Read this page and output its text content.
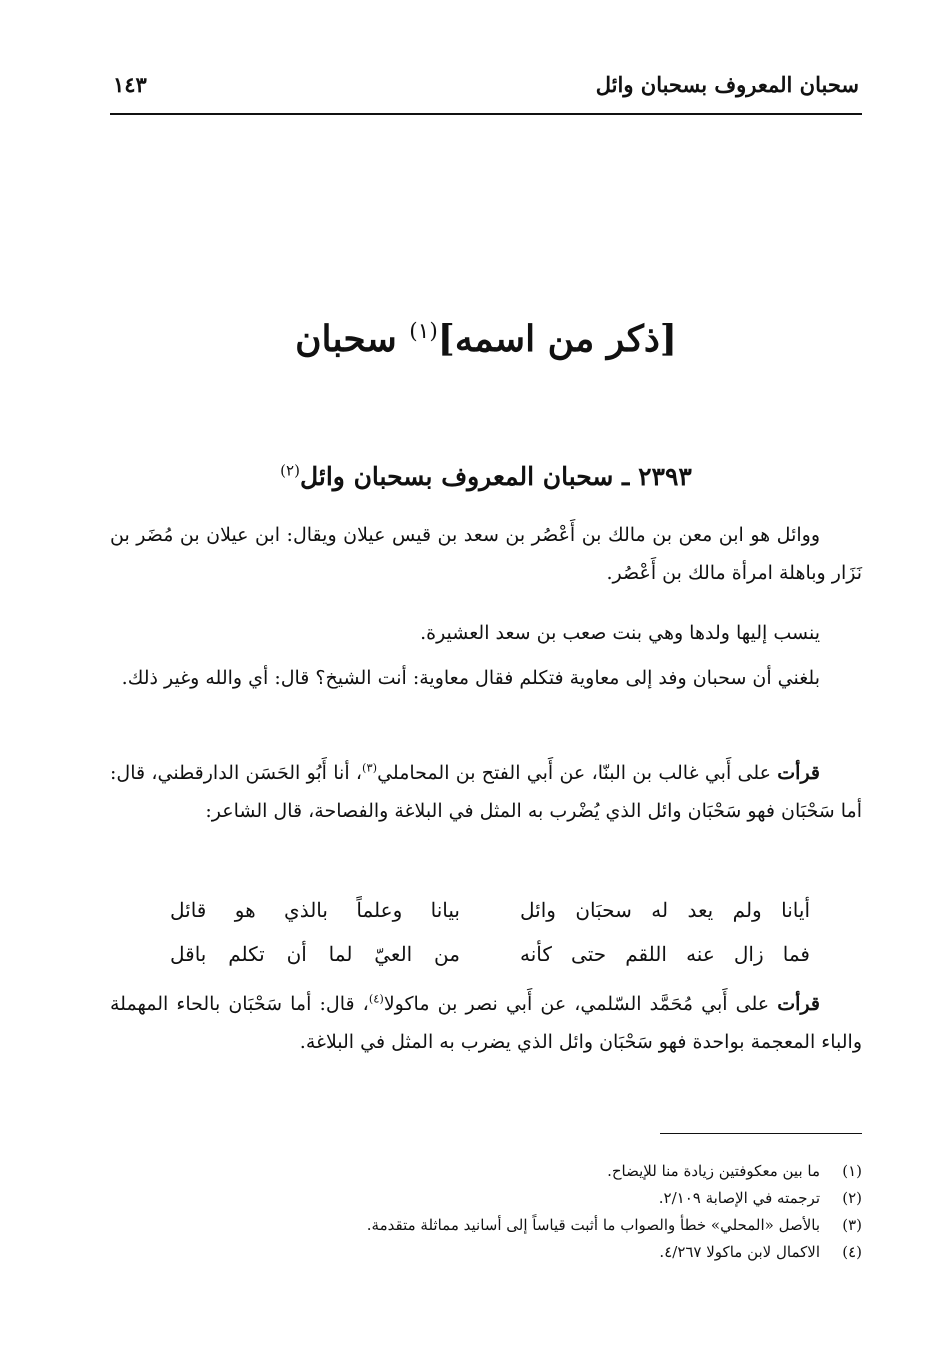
سحبان المعروف بسحبان وائل
١٤٣
[ذكر من اسمه]$^{(١)}$ سحبان
٢٣٩٣ ـ سحبان المعروف بسحبان وائل$^{(٢)}$
ووائل هو ابن معن بن مالك بن أَعْصُر بن سعد بن قيس عيلان ويقال: ابن عيلان بن مُضَر بن نَزَار وباهلة امرأة مالك بن أَعْصُر.
ينسب إليها ولدها وهي بنت صعب بن سعد العشيرة.
بلغني أن سحبان وفد إلى معاوية فتكلم فقال معاوية: أنت الشيخ؟ قال: أي والله وغير ذلك.
قرأت على أَبي غالب بن البنّا، عن أَبي الفتح بن المحاملي$^{(٣)}$، أنا أَبُو الحَسَن الدارقطني، قال: أما سَحْبَان فهو سَحْبَان وائل الذي يُضْرب به المثل في البلاغة والفصاحة، قال الشاعر:
أيانا ولم يعد له سحبَان وائل
بيانا وعلماً بالذي هو قائل
فما زال عنه اللقم حتى كأنه
من العيّ لما أن تكلم باقل
قرأت على أَبي مُحَمَّد السّلمي، عن أَبي نصر بن ماكولا$^{(٤)}$، قال: أما سَحْبَان بالحاء المهملة والباء المعجمة بواحدة فهو سَحْبَان وائل الذي يضرب به المثل في البلاغة.
(١)
ما بين معكوفتين زيادة منا للإيضاح.
(٢)
ترجمته في الإصابة ٢/١٠٩.
(٣)
بالأصل «المحلي» خطأ والصواب ما أثبت قياساً إلى أسانيد مماثلة متقدمة.
(٤)
الاكمال لابن ماكولا ٤/٢٦٧.
